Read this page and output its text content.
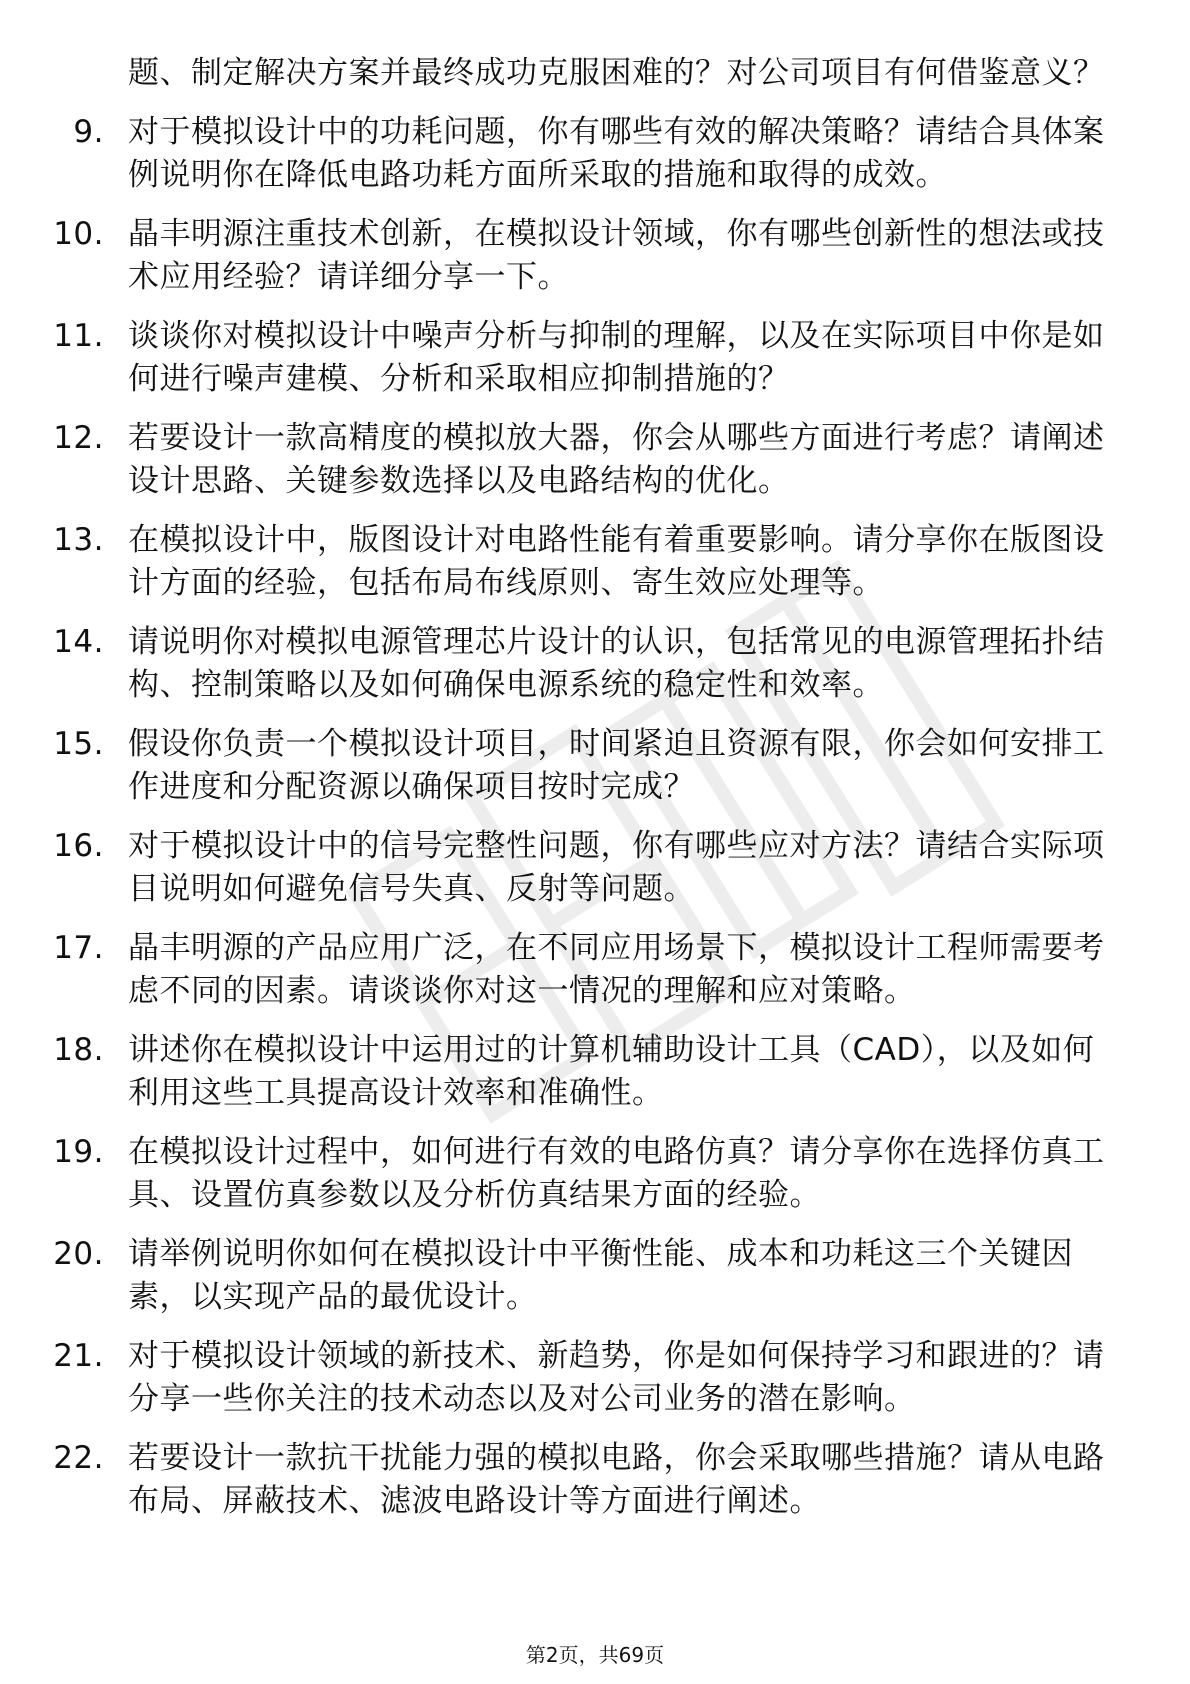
题、制定解决方案并最终成功克服困难的？对公司项目有何借鉴意义？
9. 对于模拟设计中的功耗问题，你有哪些有效的解决策略？请结合具体案例说明你在降低电路功耗方面所采取的措施和取得的成效。
10. 晶丰明源注重技术创新，在模拟设计领域，你有哪些创新性的想法或技术应用经验？请详细分享一下。
11. 谈谈你对模拟设计中噪声分析与抑制的理解，以及在实际项目中你是如何进行噪声建模、分析和采取相应抑制措施的？
12. 若要设计一款高精度的模拟放大器，你会从哪些方面进行考虑？请阐述设计思路、关键参数选择以及电路结构的优化。
13. 在模拟设计中，版图设计对电路性能有着重要影响。请分享你在版图设计方面的经验，包括布局布线原则、寄生效应处理等。
14. 请说明你对模拟电源管理芯片设计的认识，包括常见的电源管理拓扑结构、控制策略以及如何确保电源系统的稳定性和效率。
15. 假设你负责一个模拟设计项目，时间紧迫且资源有限，你会如何安排工作进度和分配资源以确保项目按时完成？
16. 对于模拟设计中的信号完整性问题，你有哪些应对方法？请结合实际项目说明如何避免信号失真、反射等问题。
17. 晶丰明源的产品应用广泛，在不同应用场景下，模拟设计工程师需要考虑不同的因素。请谈谈你对这一情况的理解和应对策略。
18. 讲述你在模拟设计中运用过的计算机辅助设计工具（CAD），以及如何利用这些工具提高设计效率和准确性。
19. 在模拟设计过程中，如何进行有效的电路仿真？请分享你在选择仿真工具、设置仿真参数以及分析仿真结果方面的经验。
20. 请举例说明你如何在模拟设计中平衡性能、成本和功耗这三个关键因素，以实现产品的最优设计。
21. 对于模拟设计领域的新技术、新趋势，你是如何保持学习和跟进的？请分享一些你关注的技术动态以及对公司业务的潜在影响。
22. 若要设计一款抗干扰能力强的模拟电路，你会采取哪些措施？请从电路布局、屏蔽技术、滤波电路设计等方面进行阐述。
第2页，共69页
